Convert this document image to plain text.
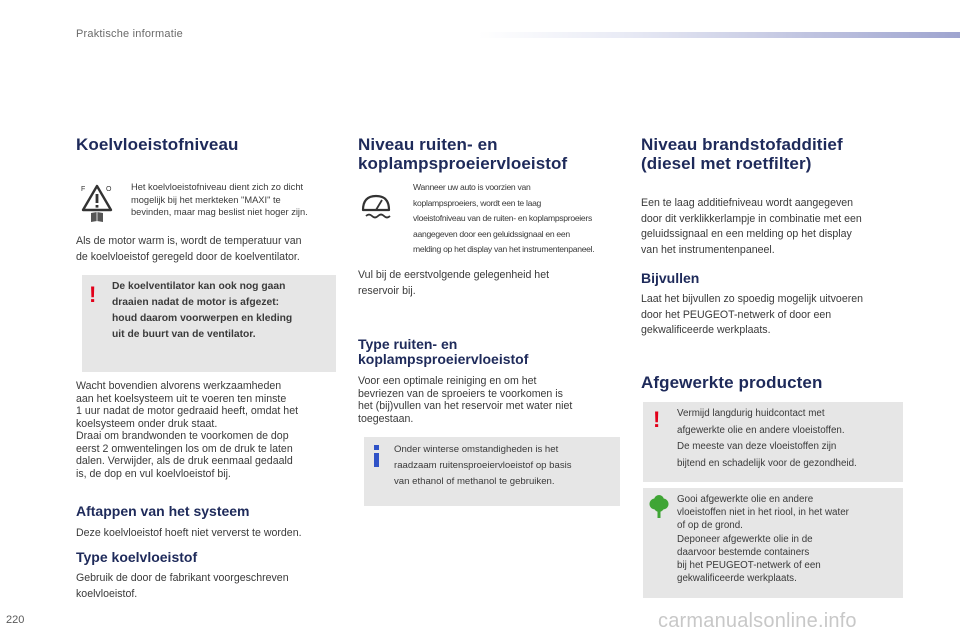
Praktische informatie
Koelvloeistofniveau
F	O Het koelvloeistofniveau dient zich zo dicht
mogelijk bij het merkteken "MAXI" te
bevinden, maar mag beslist niet hoger zijn.
Als de motor warm is, wordt de temperatuur van
de koelvloeistof geregeld door de koelventilator.
! De koelventilator kan ook nog gaan
draaien nadat de motor is afgezet:
houd daarom voorwerpen en kleding
uit de buurt van de ventilator.
Wacht bovendien alvorens werkzaamheden
aan het koelsysteem uit te voeren ten minste
1 uur nadat de motor gedraaid heeft, omdat het
koelsysteem onder druk staat.
Draai om brandwonden te voorkomen de dop
eerst 2 omwentelingen los om de druk te laten
dalen. Verwijder, als de druk eenmaal gedaald
is, de dop en vul koelvloeistof bij.
Aftappen van het systeem
Deze koelvloeistof hoeft niet ververst te worden.
Type koelvloeistof
Gebruik de door de fabrikant voorgeschreven
koelvloeistof.
Niveau ruiten- en
koplampsproeiervloeistof
Wanneer uw auto is voorzien van
koplampsproeiers, wordt een te laag
vloeistofniveau van de ruiten- en koplampsproeiers
aangegeven door een geluidssignaal en een
melding op het display van het instrumentenpaneel.
Vul bij de eerstvolgende gelegenheid het
reservoir bij.
Type ruiten- en
koplampsproeiervloeistof
Voor een optimale reiniging en om het
bevriezen van de sproeiers te voorkomen is
het (bij)vullen van het reservoir met water niet
toegestaan.
Onder winterse omstandigheden is het
raadzaam ruitensproeiervloeistof op basis
van ethanol of methanol te gebruiken.
Niveau brandstofadditief
(diesel met roetfilter)
Een te laag additiefniveau wordt aangegeven
door dit verklikkerlampje in combinatie met een
geluidssignaal en een melding op het display
van het instrumentenpaneel.
Bijvullen
Laat het bijvullen zo spoedig mogelijk uitvoeren
door het PEUGEOT-netwerk of door een
gekwalificeerde werkplaats.
Afgewerkte producten
! Vermijd langdurig huidcontact met
afgewerkte olie en andere vloeistoffen.
De meeste van deze vloeistoffen zijn
bijtend en schadelijk voor de gezondheid.
Gooi afgewerkte olie en andere
vloeistoffen niet in het riool, in het water
of op de grond.
Deponeer afgewerkte olie in de
daarvoor bestemde containers
bij het PEUGEOT-netwerk of een
gekwalificeerde werkplaats.
220	carmanualsonline.info
